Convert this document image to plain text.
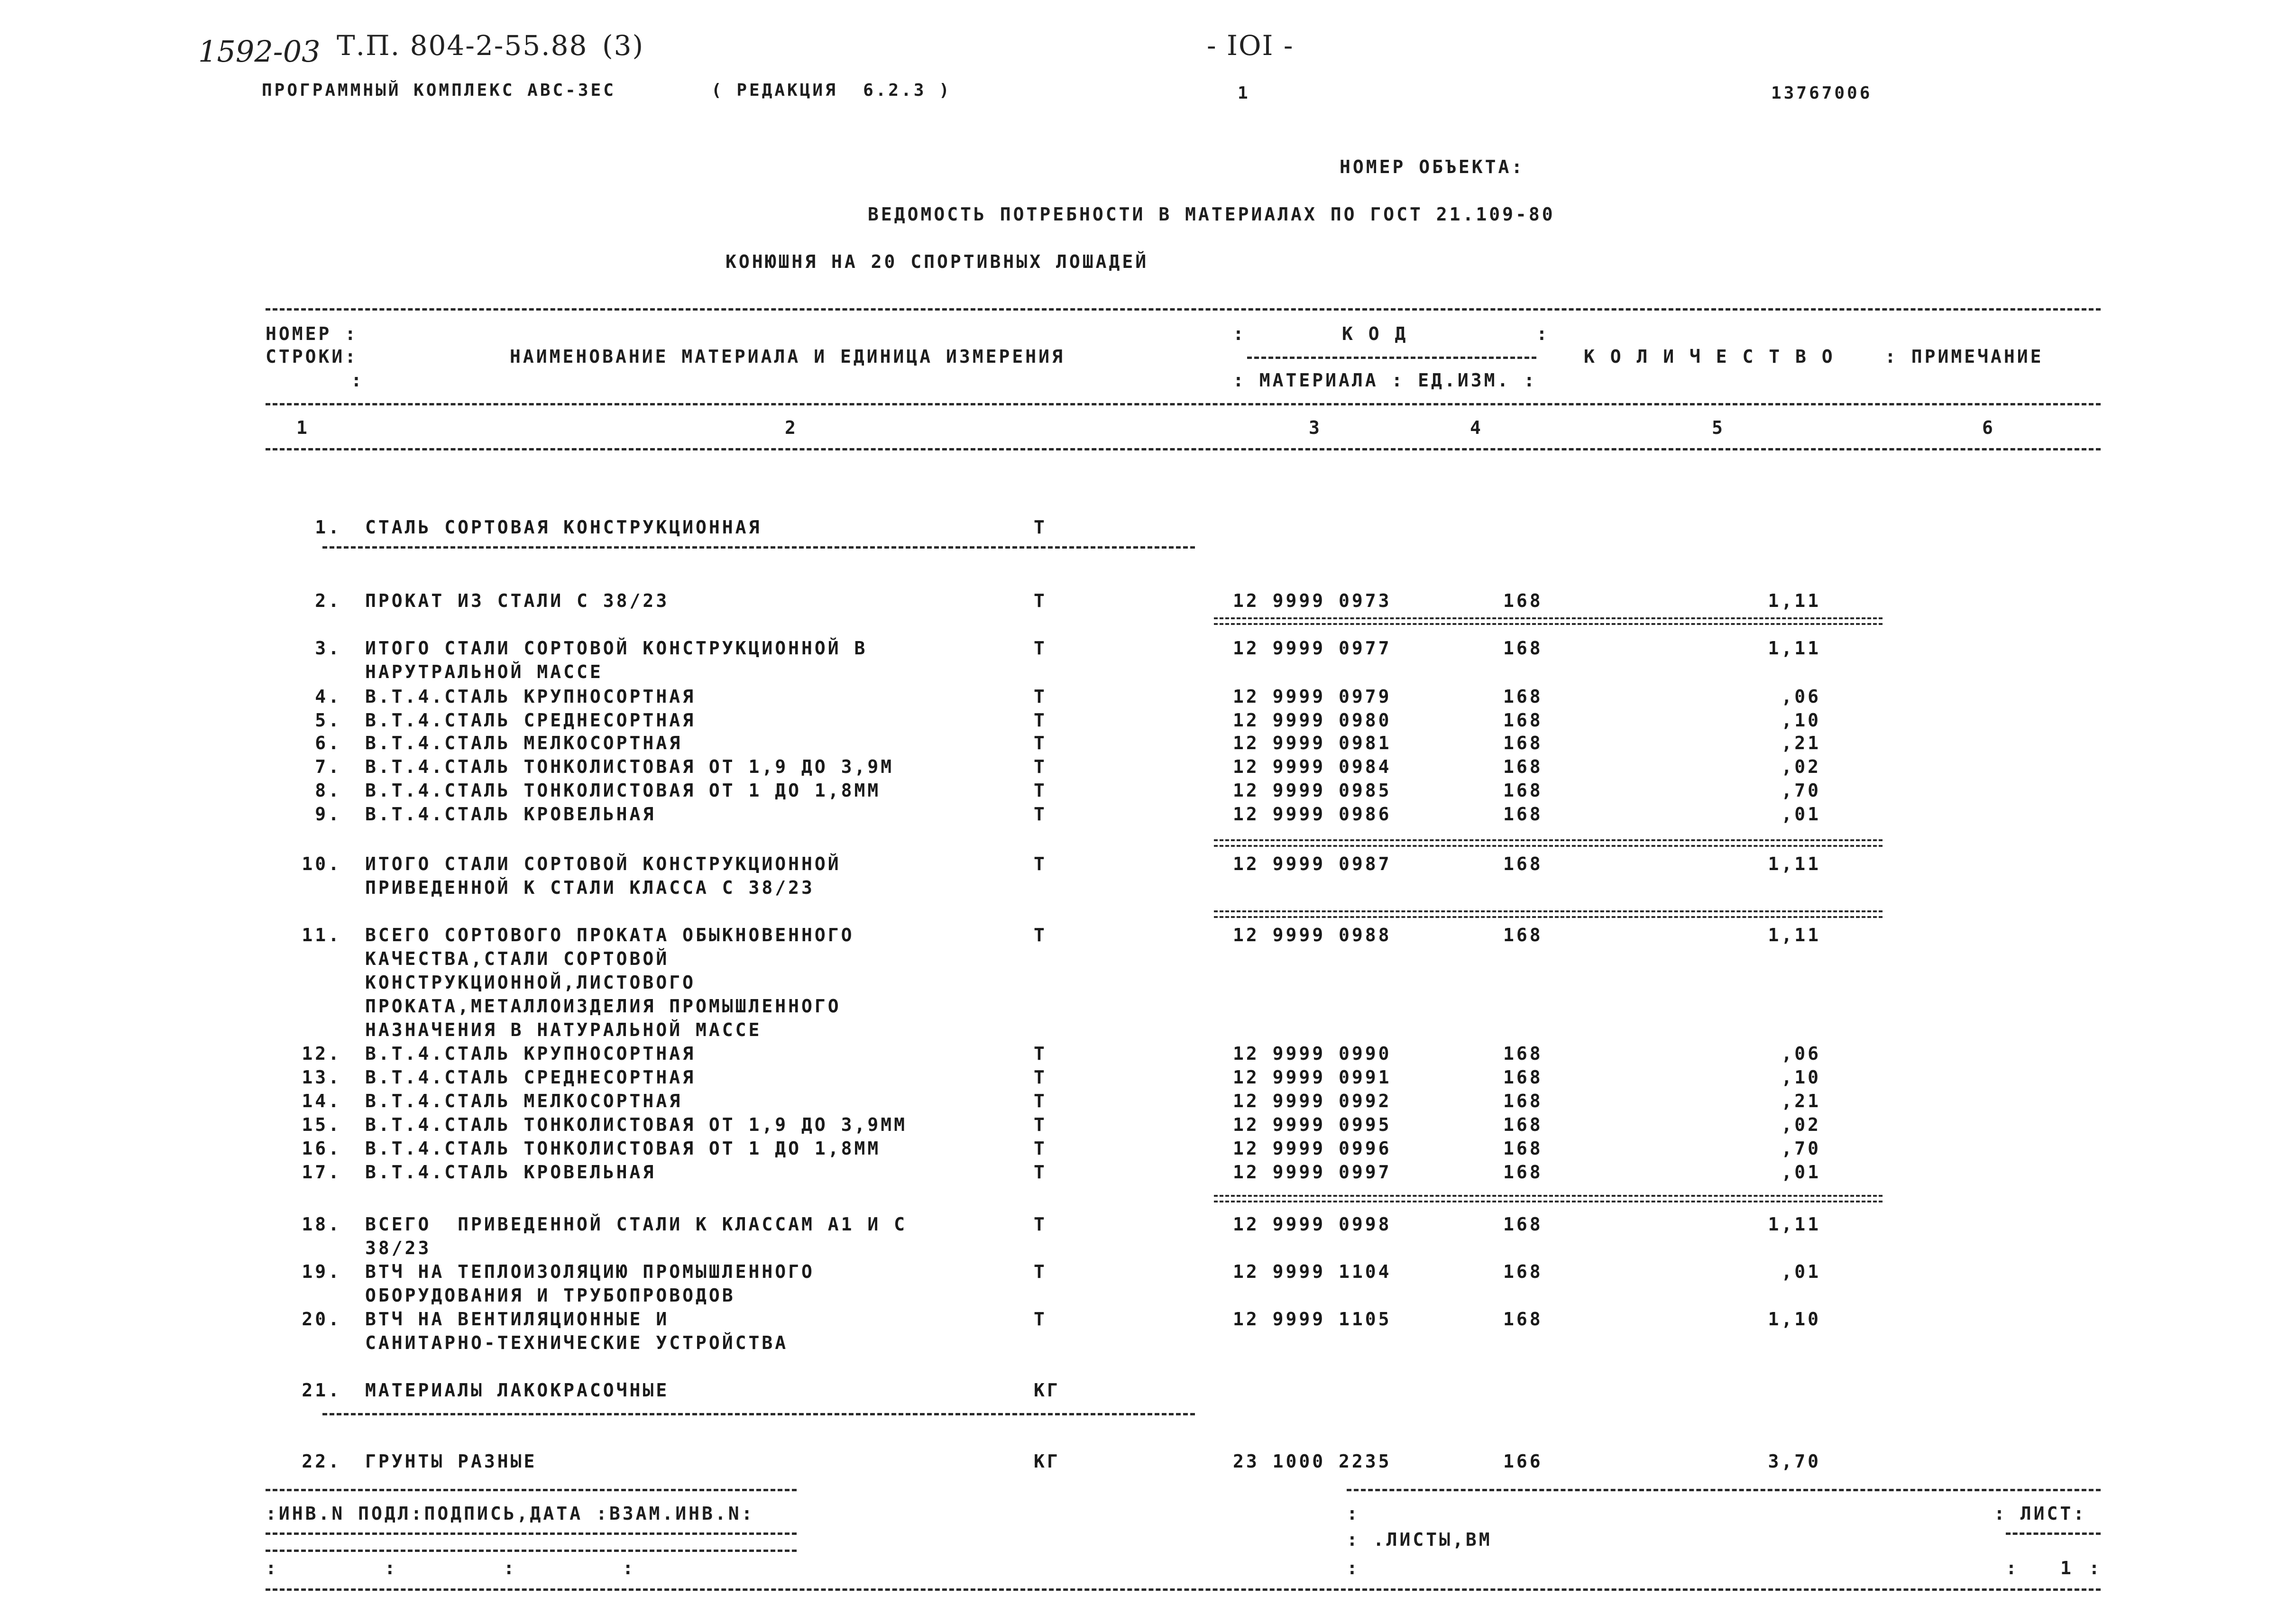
1592-03 Т.П. 804-2-55.88 (3)	- IOI -
ПРОГРАММНЫЙ КОМПЛЕКС АВС-3ЕС	( РЕДАКЦИЯ  6.2.3 )	1	13767006
НОМЕР ОБЪЕКТА:
ВЕДОМОСТЬ ПОТРЕБНОСТИ В МАТЕРИАЛАХ ПО ГОСТ 21.109-80
КОНЮШНЯ НА 20 СПОРТИВНЫХ ЛОШАДЕЙ
НОМЕР :
СТРОКИ:
:
НАИМЕНОВАНИЕ МАТЕРИАЛА И ЕДИНИЦА ИЗМЕРЕНИЯ
:	К О Д	:
: МАТЕРИАЛА : ЕД.ИЗМ. :
К О Л И Ч Е С Т В О	: ПРИМЕЧАНИЕ
1	2	3	4	5	6
1. СТАЛЬ СОРТОВАЯ КОНСТРУКЦИОННАЯ	Т
2. ПРОКАТ ИЗ СТАЛИ С 38/23	Т	12 9999 0973	168	1,11
3. ИТОГО СТАЛИ СОРТОВОЙ КОНСТРУКЦИОННОЙ В
НАРУТРАЛЬНОЙ МАССЕ
Т	12 9999 0977	168	1,11
4. В.Т.4.СТАЛЬ КРУПНОСОРТНАЯ	Т	12 9999 0979	168	,06
5. В.Т.4.СТАЛЬ СРЕДНЕСОРТНАЯ	Т	12 9999 0980	168	,10
6. В.Т.4.СТАЛЬ МЕЛКОСОРТНАЯ	Т	12 9999 0981	168	,21
7. В.Т.4.СТАЛЬ ТОНКОЛИСТОВАЯ ОТ 1,9 ДО 3,9М	Т	12 9999 0984	168	,02
8. В.Т.4.СТАЛЬ ТОНКОЛИСТОВАЯ ОТ 1 ДО 1,8ММ	Т	12 9999 0985	168	,70
9. В.Т.4.СТАЛЬ КРОВЕЛЬНАЯ	Т	12 9999 0986	168	,01
10. ИТОГО СТАЛИ СОРТОВОЙ КОНСТРУКЦИОННОЙ
ПРИВЕДЕННОЙ К СТАЛИ КЛАССА С 38/23
Т	12 9999 0987	168	1,11
11. ВСЕГО СОРТОВОГО ПРОКАТА ОБЫКНОВЕННОГО
КАЧЕСТВА,СТАЛИ СОРТОВОЙ
КОНСТРУКЦИОННОЙ,ЛИСТОВОГО
ПРОКАТА,МЕТАЛЛОИЗДЕЛИЯ ПРОМЫШЛЕННОГО
НАЗНАЧЕНИЯ В НАТУРАЛЬНОЙ МАССЕ
Т	12 9999 0988	168	1,11
12. В.Т.4.СТАЛЬ КРУПНОСОРТНАЯ	Т	12 9999 0990	168	,06
13. В.Т.4.СТАЛЬ СРЕДНЕСОРТНАЯ	Т	12 9999 0991	168	,10
14. В.Т.4.СТАЛЬ МЕЛКОСОРТНАЯ	Т	12 9999 0992	168	,21
15. В.Т.4.СТАЛЬ ТОНКОЛИСТОВАЯ ОТ 1,9 ДО 3,9ММ	Т	12 9999 0995	168	,02
16. В.Т.4.СТАЛЬ ТОНКОЛИСТОВАЯ ОТ 1 ДО 1,8ММ	Т	12 9999 0996	168	,70
17. В.Т.4.СТАЛЬ КРОВЕЛЬНАЯ	Т	12 9999 0997	168	,01
18. ВСЕГО  ПРИВЕДЕННОЙ СТАЛИ К КЛАССАМ А1 И С
38/23
Т	12 9999 0998	168	1,11
19. ВТЧ НА ТЕПЛОИЗОЛЯЦИЮ ПРОМЫШЛЕННОГО
ОБОРУДОВАНИЯ И ТРУБОПРОВОДОВ
Т	12 9999 1104	168	,01
20. ВТЧ НА ВЕНТИЛЯЦИОННЫЕ И
САНИТАРНО-ТЕХНИЧЕСКИЕ УСТРОЙСТВА
Т	12 9999 1105	168	1,10
21. МАТЕРИАЛЫ ЛАКОКРАСОЧНЫЕ	КГ
22. ГРУНТЫ РАЗНЫЕ	КГ	23 1000 2235	166	3,70
:ИНВ.N ПОДЛ:ПОДПИСЬ,ДАТА :ВЗАМ.ИНВ.N:	:	: ЛИСТ:
: .ЛИСТЫ,ВМ
:        :        :        :	:	: 1 :
